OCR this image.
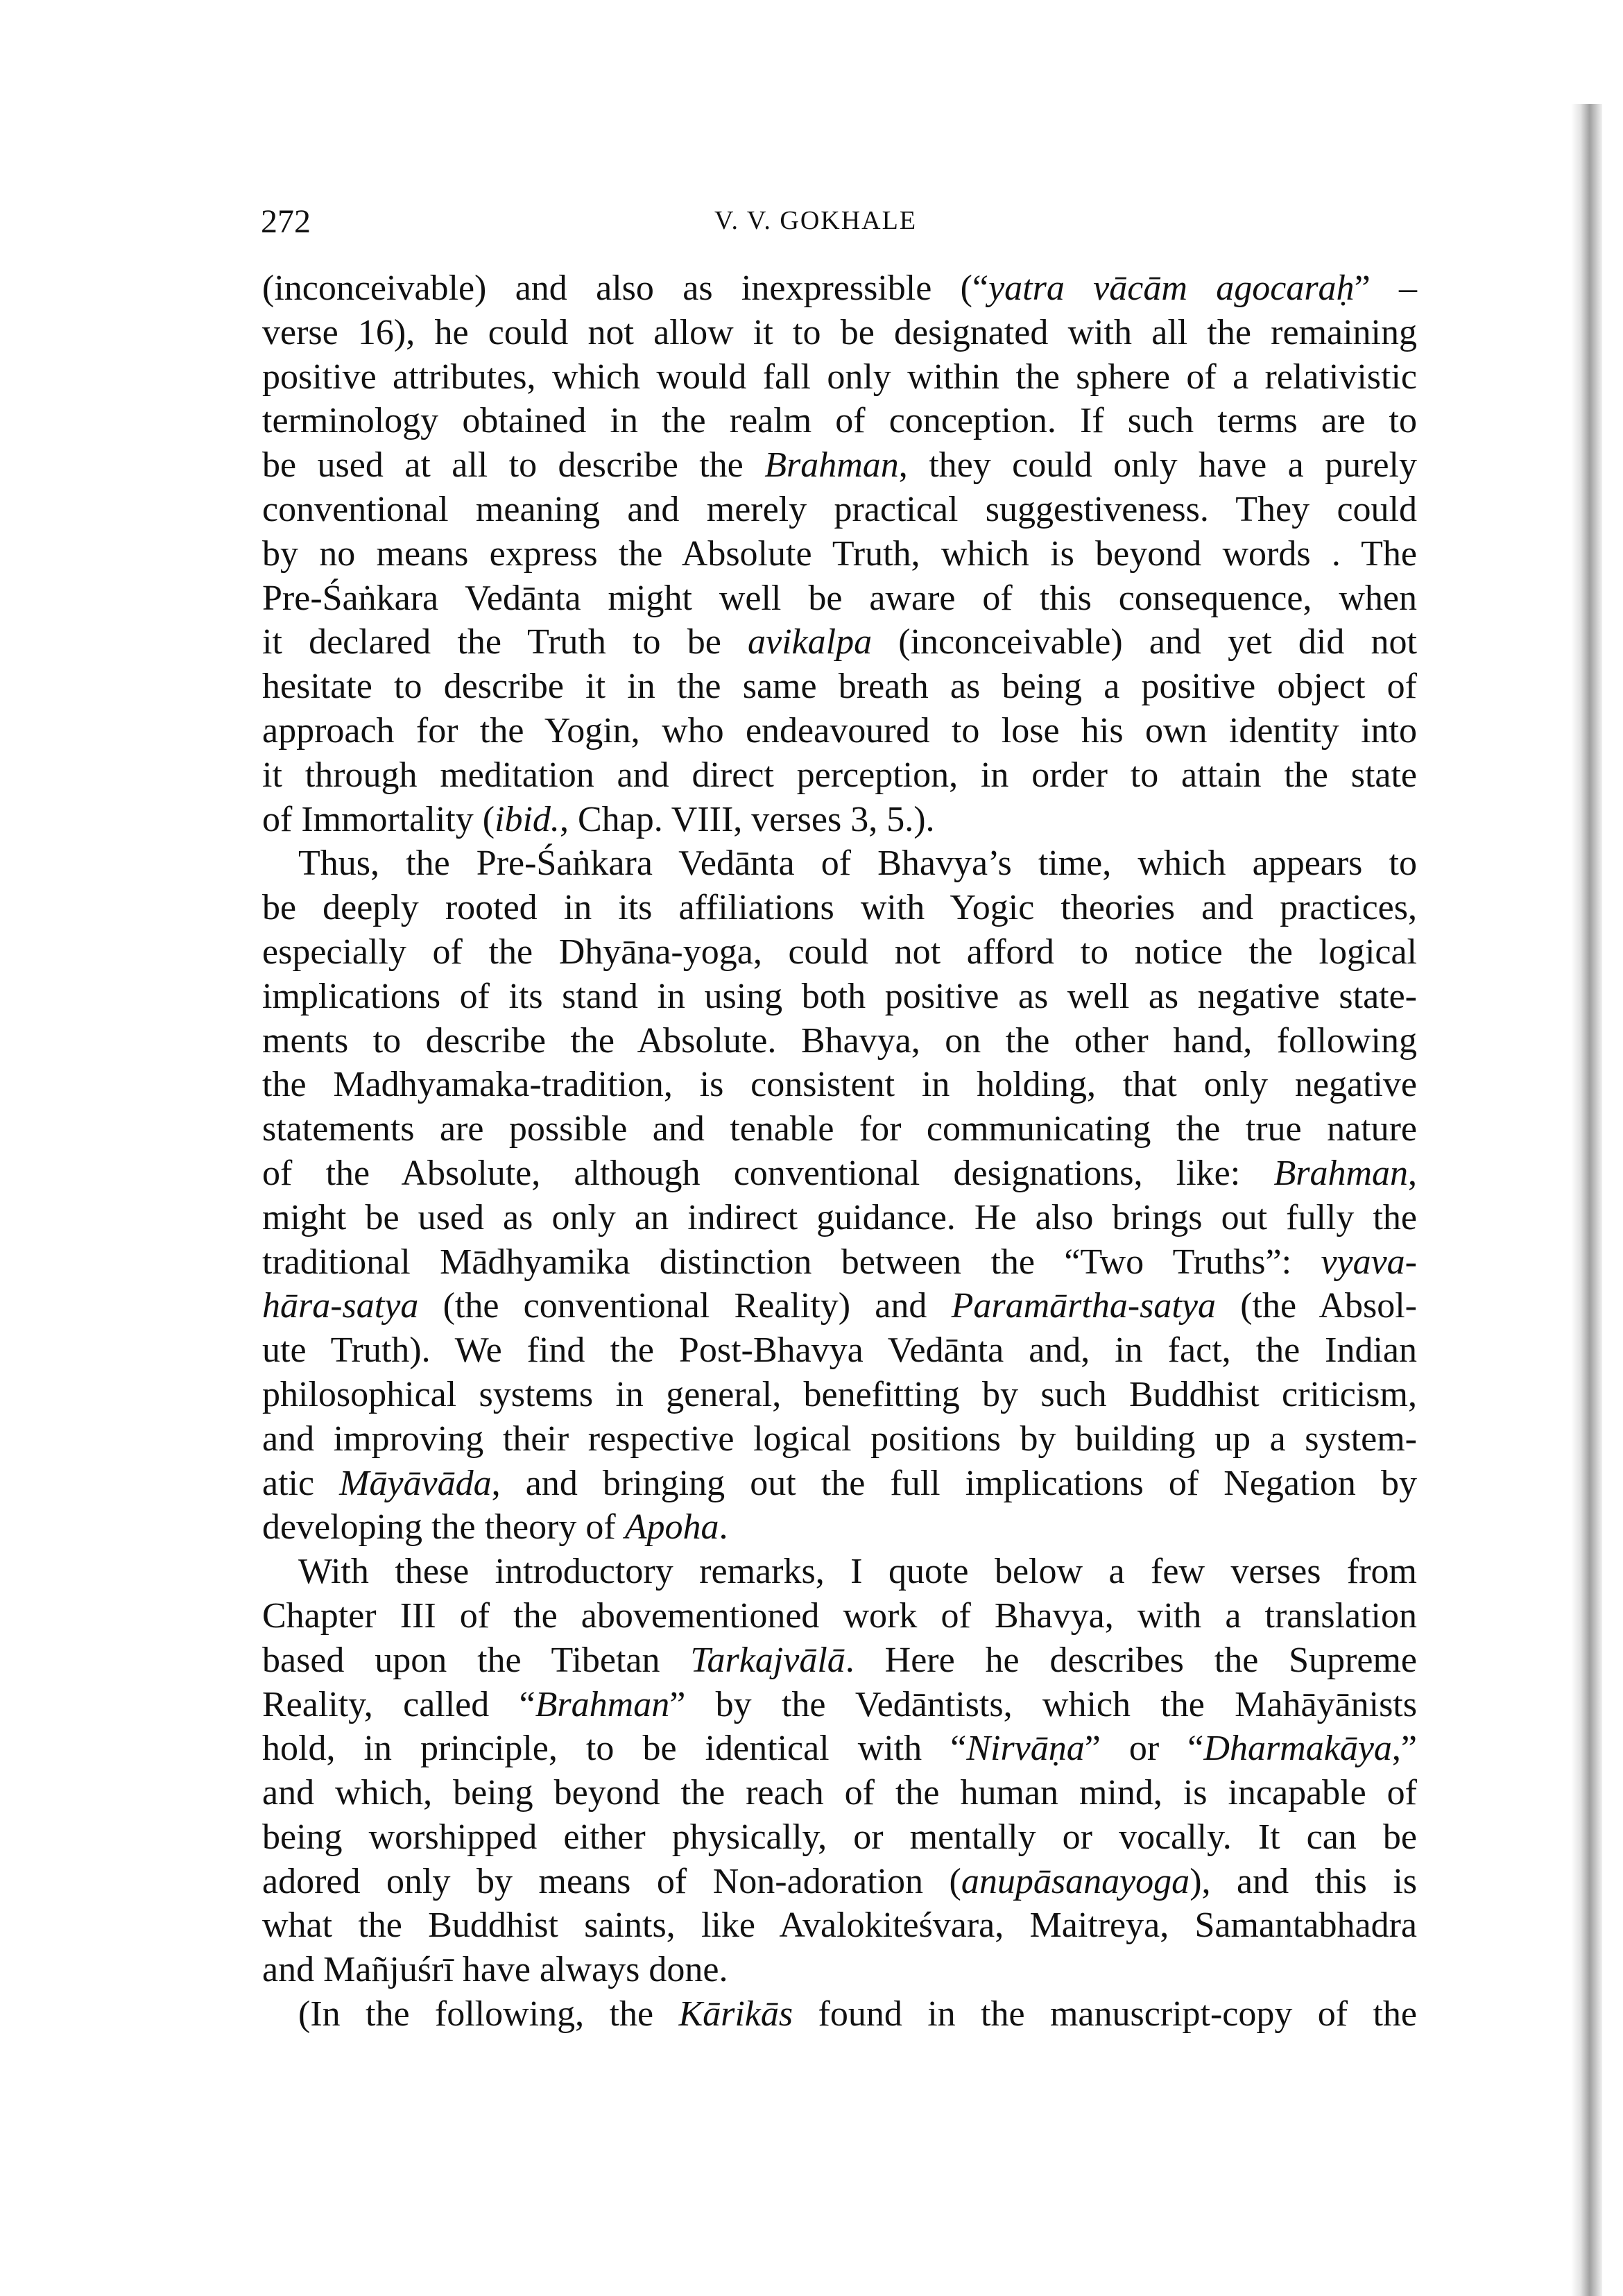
272	V. V. GOKHALE
(inconceivable) and also as inexpressible (“yatra vācām agocaraḥ” –
verse 16), he could not allow it to be designated with all the remaining
positive attributes, which would fall only within the sphere of a relativistic
terminology obtained in the realm of conception. If such terms are to
be used at all to describe the Brahman, they could only have a purely
conventional meaning and merely practical suggestiveness. They could
by no means express the Absolute Truth, which is beyond words . The
Pre-Śaṅkara Vedānta might well be aware of this consequence, when
it declared the Truth to be avikalpa (inconceivable) and yet did not
hesitate to describe it in the same breath as being a positive object of
approach for the Yogin, who endeavoured to lose his own identity into
it through meditation and direct perception, in order to attain the state
of Immortality (ibid., Chap. VIII, verses 3, 5.).
Thus, the Pre-Śaṅkara Vedānta of Bhavya’s time, which appears to
be deeply rooted in its affiliations with Yogic theories and practices,
especially of the Dhyāna-yoga, could not afford to notice the logical
implications of its stand in using both positive as well as negative state-
ments to describe the Absolute. Bhavya, on the other hand, following
the Madhyamaka-tradition, is consistent in holding, that only negative
statements are possible and tenable for communicating the true nature
of the Absolute, although conventional designations, like: Brahman,
might be used as only an indirect guidance. He also brings out fully the
traditional Mādhyamika distinction between the “Two Truths”: vyava-
hāra-satya (the conventional Reality) and Paramārtha-satya (the Absol-
ute Truth). We find the Post-Bhavya Vedānta and, in fact, the Indian
philosophical systems in general, benefitting by such Buddhist criticism,
and improving their respective logical positions by building up a system-
atic Māyāvāda, and bringing out the full implications of Negation by
developing the theory of Apoha.
With these introductory remarks, I quote below a few verses from
Chapter III of the abovementioned work of Bhavya, with a translation
based upon the Tibetan Tarkajvālā. Here he describes the Supreme
Reality, called “Brahman” by the Vedāntists, which the Mahāyānists
hold, in principle, to be identical with “Nirvāṇa” or “Dharmakāya,”
and which, being beyond the reach of the human mind, is incapable of
being worshipped either physically, or mentally or vocally. It can be
adored only by means of Non-adoration (anupāsanayoga), and this is
what the Buddhist saints, like Avalokiteśvara, Maitreya, Samantabhadra
and Mañjuśrī have always done.
(In the following, the Kārikās found in the manuscript-copy of the
